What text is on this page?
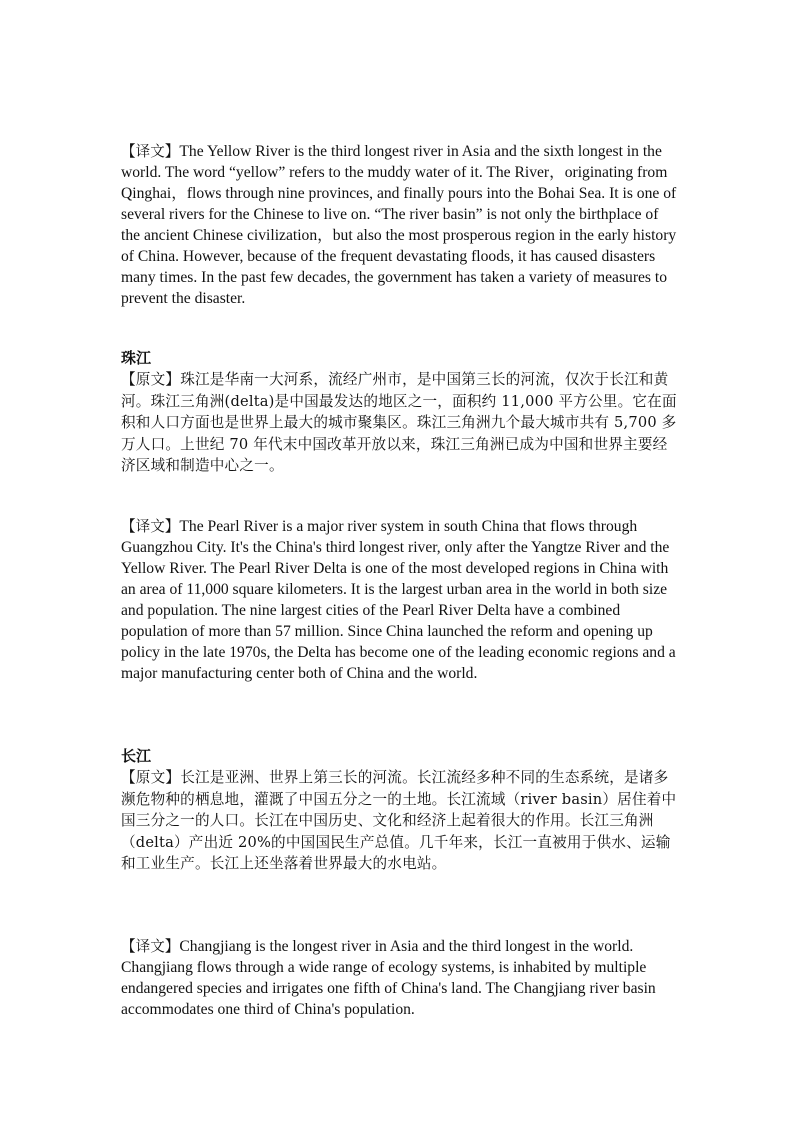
【译文】The Yellow River is the third longest river in Asia and the sixth longest in the world. The word “yellow” refers to the muddy water of it. The River，originating from Qinghai，flows through nine provinces, and finally pours into the Bohai Sea. It is one of several rivers for the Chinese to live on. “The river basin” is not only the birthplace of the ancient Chinese civilization，but also the most prosperous region in the early history of China. However, because of the frequent devastating floods, it has caused disasters many times. In the past few decades, the government has taken a variety of measures to prevent the disaster.

珠江

【原文】珠江是华南一大河系，流经广州市，是中国第三长的河流，仅次于长江和黄河。珠江三角洲(delta)是中国最发达的地区之一，面积约 11,000 平方公里。它在面积和人口方面也是世界上最大的城市聚集区。珠江三角洲九个最大城市共有 5,700 多万人口。上世纪 70 年代末中国改革开放以来，珠江三角洲已成为中国和世界主要经济区域和制造中心之一。

【译文】The Pearl River is a major river system in south China that flows through Guangzhou City. It's the China's third longest river, only after the Yangtze River and the Yellow River. The Pearl River Delta is one of the most developed regions in China with an area of 11,000 square kilometers. It is the largest urban area in the world in both size and population. The nine largest cities of the Pearl River Delta have a combined population of more than 57 million. Since China launched the reform and opening up policy in the late 1970s, the Delta has become one of the leading economic regions and a major manufacturing center both of China and the world.

长江

【原文】长江是亚洲、世界上第三长的河流。长江流经多种不同的生态系统，是诸多濒危物种的栖息地，灌溉了中国五分之一的土地。长江流域（river basin）居住着中国三分之一的人口。长江在中国历史、文化和经济上起着很大的作用。长江三角洲（delta）产出近 20%的中国国民生产总值。几千年来，长江一直被用于供水、运输和工业生产。长江上还坐落着世界最大的水电站。

【译文】Changjiang is the longest river in Asia and the third longest in the world. Changjiang flows through a wide range of ecology systems, is inhabited by multiple endangered species and irrigates one fifth of China's land. The Changjiang river basin accommodates one third of China's population.
